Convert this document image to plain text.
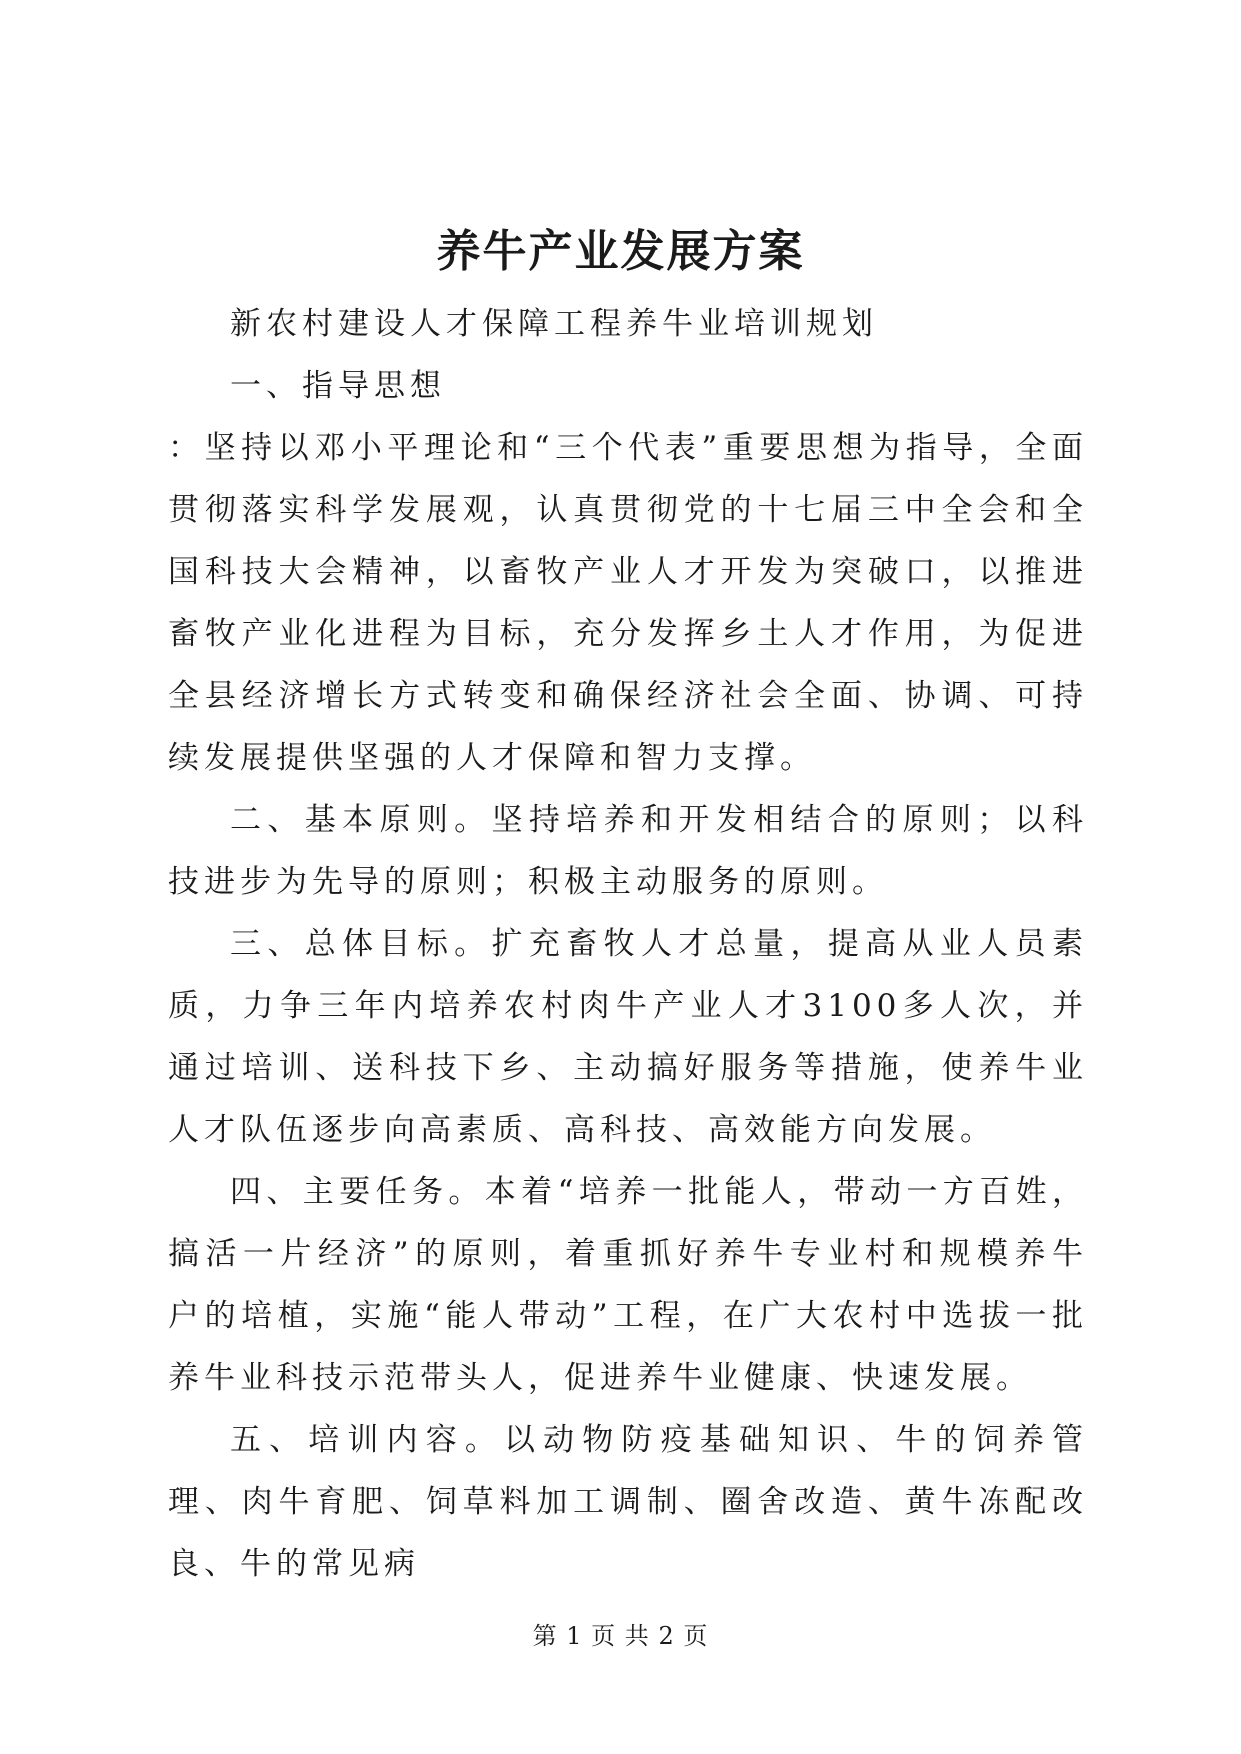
养牛产业发展方案

新农村建设人才保障工程养牛业培训规划

一、指导思想

：坚持以邓小平理论和“三个代表”重要思想为指导，全面贯彻落实科学发展观，认真贯彻党的十七届三中全会和全国科技大会精神，以畜牧产业人才开发为突破口，以推进畜牧产业化进程为目标，充分发挥乡土人才作用，为促进全县经济增长方式转变和确保经济社会全面、协调、可持续发展提供坚强的人才保障和智力支撑。

二、基本原则。坚持培养和开发相结合的原则；以科技进步为先导的原则；积极主动服务的原则。

三、总体目标。扩充畜牧人才总量，提高从业人员素质，力争三年内培养农村肉牛产业人才3100多人次，并通过培训、送科技下乡、主动搞好服务等措施，使养牛业人才队伍逐步向高素质、高科技、高效能方向发展。

四、主要任务。本着“培养一批能人，带动一方百姓，搞活一片经济”的原则，着重抓好养牛专业村和规模养牛户的培植，实施“能人带动”工程，在广大农村中选拔一批养牛业科技示范带头人，促进养牛业健康、快速发展。

五、培训内容。以动物防疫基础知识、牛的饲养管理、肉牛育肥、饲草料加工调制、圈舍改造、黄牛冻配改良、牛的常见病

第 1 页 共 2 页
